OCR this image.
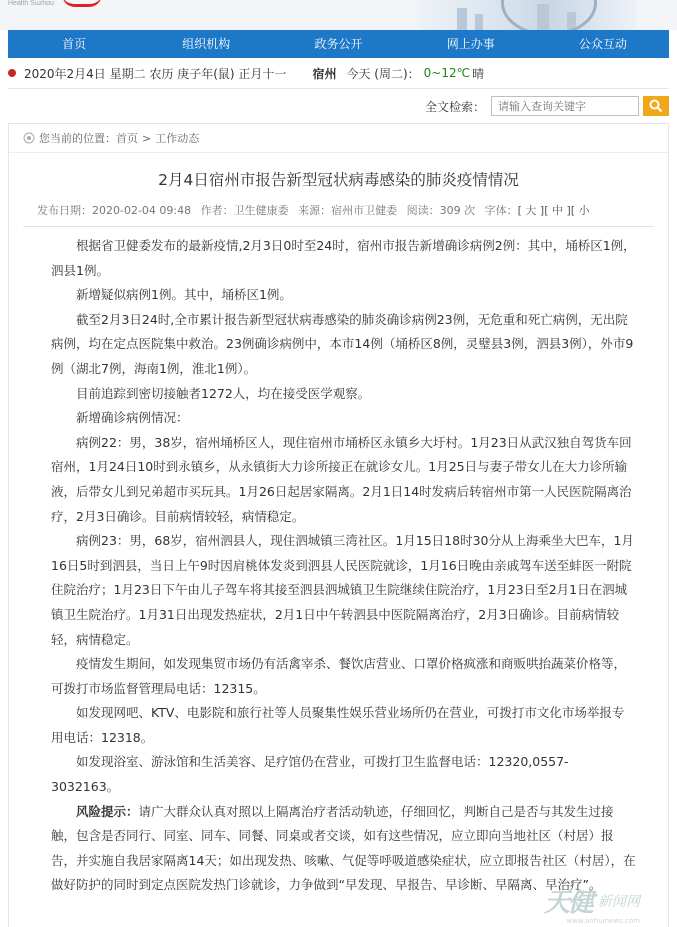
Health Suzhou
首页	组织机构	政务公开	网上办事	公众互动
2020年2月4日 星期二 农历 庚子年(鼠) 正月十一 宿州 今天 (周二)： 0~12℃ 晴
全文检索：
请输入查询关键字
您当前的位置： 首页 > 工作动态
2月4日宿州市报告新型冠状病毒感染的肺炎疫情情况
发布日期：2020-02-04 09:48 作者：卫生健康委 来源：宿州市卫健委 阅读：309 次 字体：[ 大 ][ 中 ][ 小

根据省卫健委发布的最新疫情,2月3日0时至24时，宿州市报告新增确诊病例2例：其中，埇桥区1例，泗县1例。

新增疑似病例1例。其中，埇桥区1例。

截至2月3日24时,全市累计报告新型冠状病毒感染的肺炎确诊病例23例，无危重和死亡病例，无出院病例，均在定点医院集中救治。23例确诊病例中，本市14例（埇桥区8例，灵璧县3例，泗县3例），外市9例（湖北7例，海南1例，淮北1例）。

目前追踪到密切接触者1272人，均在接受医学观察。

新增确诊病例情况：

病例22：男，38岁，宿州埇桥区人，现住宿州市埇桥区永镇乡大圩村。1月23日从武汉独自驾货车回宿州，1月24日10时到永镇乡，从永镇街大力诊所接正在就诊女儿。1月25日与妻子带女儿在大力诊所输液，后带女儿到兄弟超市买玩具。1月26日起居家隔离。2月1日14时发病后转宿州市第一人民医院隔离治疗，2月3日确诊。目前病情较轻，病情稳定。

病例23：男，68岁，宿州泗县人，现住泗城镇三湾社区。1月15日18时30分从上海乘坐大巴车，1月16日5时到泗县，当日上午9时因肩桃体发炎到泗县人民医院就诊，1月16日晚由亲戚驾车送至蚌医一附院住院治疗；1月23日下午由儿子驾车将其接至泗县泗城镇卫生院继续住院治疗，1月23日至2月1日在泗城镇卫生院治疗。1月31日出现发热症状，2月1日中午转泗县中医院隔离治疗，2月3日确诊。目前病情较轻，病情稳定。

疫情发生期间，如发现集贸市场仍有活禽宰杀、餐饮店营业、口罩价格疯涨和商贩哄抬蔬菜价格等，可拨打市场监督管理局电话：12315。

如发现网吧、KTV、电影院和旅行社等人员聚集性娱乐营业场所仍在营业，可拨打市文化市场举报专用电话：12318。

如发现浴室、游泳馆和生活美容、足疗馆仍在营业，可拨打卫生监督电话：12320,0557-3032163。

风险提示：请广大群众认真对照以上隔离治疗者活动轨迹，仔细回忆，判断自己是否与其发生过接触，包含是否同行、同室、同车、同餐、同桌或者交谈，如有这些情况，应立即向当地社区（村居）报告，并实施自我居家隔离14天；如出现发热、咳嗽、气促等呼吸道感染症状，应立即报告社区（村居），在做好防护的同时到定点医院发热门诊就诊，力争做到“早发现、早报告、早诊断、早隔离、早治疗”。

天健 新闻网
www.anhuinews.com
